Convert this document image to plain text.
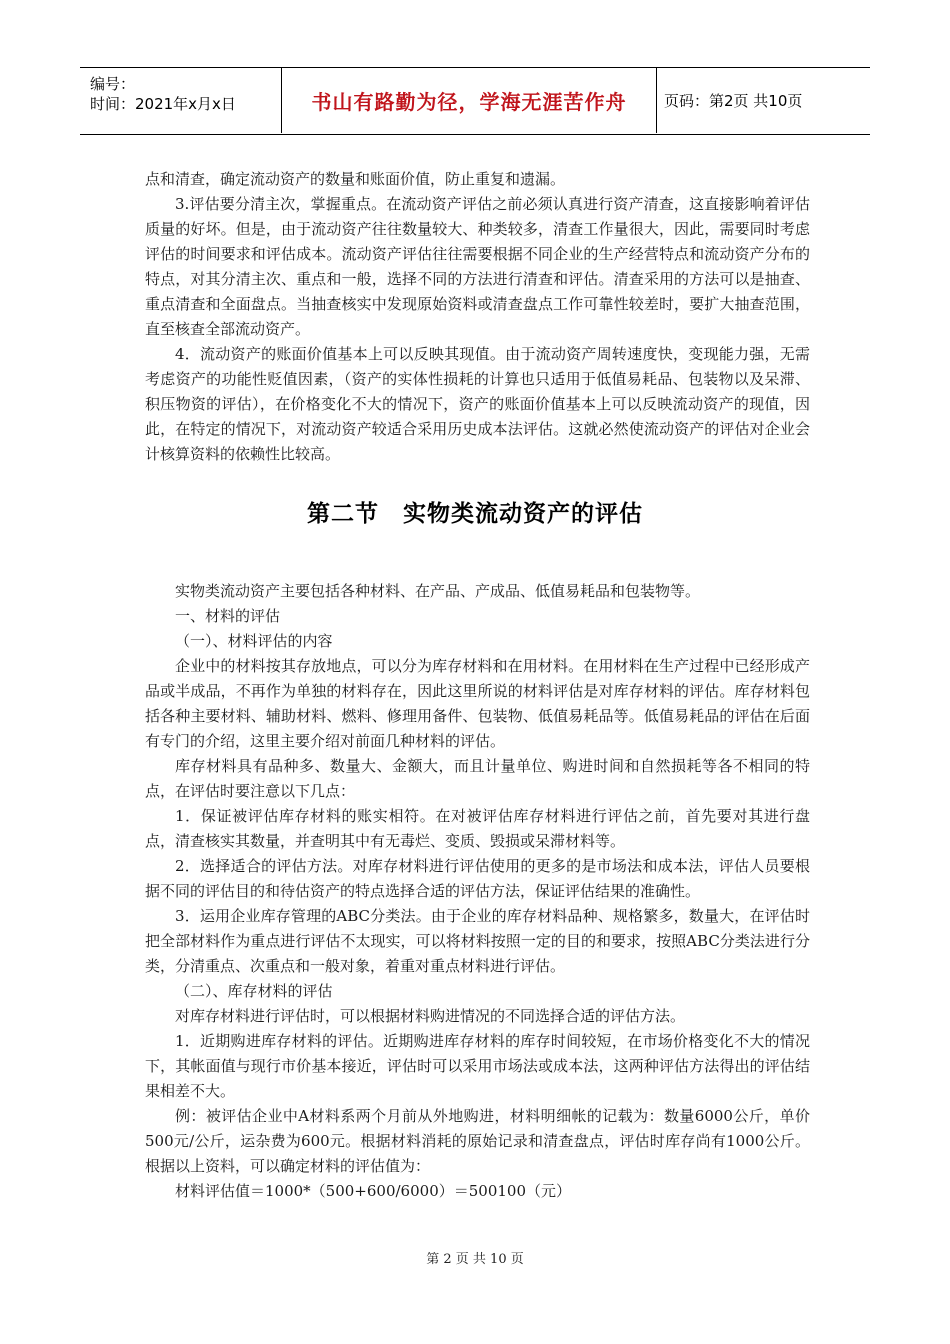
编号：
时间：2021年x月x日	书山有路勤为径，学海无涯苦作舟	页码：第2页 共10页

点和清查，确定流动资产的数量和账面价值，防止重复和遗漏。

3.评估要分清主次，掌握重点。在流动资产评估之前必须认真进行资产清查，这直接影响着评估质量的好坏。但是，由于流动资产往往数量较大、种类较多，清查工作量很大，因此，需要同时考虑评估的时间要求和评估成本。流动资产评估往往需要根据不同企业的生产经营特点和流动资产分布的特点，对其分清主次、重点和一般，选择不同的方法进行清查和评估。清查采用的方法可以是抽查、重点清查和全面盘点。当抽查核实中发现原始资料或清查盘点工作可靠性较差时，要扩大抽查范围，直至核查全部流动资产。

4．流动资产的账面价值基本上可以反映其现值。由于流动资产周转速度快，变现能力强，无需考虑资产的功能性贬值因素，（资产的实体性损耗的计算也只适用于低值易耗品、包装物以及呆滞、积压物资的评估），在价格变化不大的情况下，资产的账面价值基本上可以反映流动资产的现值，因此，在特定的情况下，对流动资产较适合采用历史成本法评估。这就必然使流动资产的评估对企业会计核算资料的依赖性比较高。

第二节　实物类流动资产的评估

实物类流动资产主要包括各种材料、在产品、产成品、低值易耗品和包装物等。

一、材料的评估

（一）、材料评估的内容

企业中的材料按其存放地点，可以分为库存材料和在用材料。在用材料在生产过程中已经形成产品或半成品，不再作为单独的材料存在，因此这里所说的材料评估是对库存材料的评估。库存材料包括各种主要材料、辅助材料、燃料、修理用备件、包装物、低值易耗品等。低值易耗品的评估在后面有专门的介绍，这里主要介绍对前面几种材料的评估。

库存材料具有品种多、数量大、金额大，而且计量单位、购进时间和自然损耗等各不相同的特点，在评估时要注意以下几点：

1．保证被评估库存材料的账实相符。在对被评估库存材料进行评估之前，首先要对其进行盘点，清查核实其数量，并查明其中有无毒烂、变质、毁损或呆滞材料等。

2．选择适合的评估方法。对库存材料进行评估使用的更多的是市场法和成本法，评估人员要根据不同的评估目的和待估资产的特点选择合适的评估方法，保证评估结果的准确性。

3．运用企业库存管理的ABC分类法。由于企业的库存材料品种、规格繁多，数量大，在评估时把全部材料作为重点进行评估不太现实，可以将材料按照一定的目的和要求，按照ABC分类法进行分类，分清重点、次重点和一般对象，着重对重点材料进行评估。

（二）、库存材料的评估

对库存材料进行评估时，可以根据材料购进情况的不同选择合适的评估方法。

1．近期购进库存材料的评估。近期购进库存材料的库存时间较短，在市场价格变化不大的情况下，其帐面值与现行市价基本接近，评估时可以采用市场法或成本法，这两种评估方法得出的评估结果相差不大。

例：被评估企业中A材料系两个月前从外地购进，材料明细帐的记载为：数量6000公斤，单价500元/公斤，运杂费为600元。根据材料消耗的原始记录和清查盘点，评估时库存尚有1000公斤。根据以上资料，可以确定材料的评估值为：

材料评估值＝1000*（500+600/6000）＝500100（元）

第 2 页 共 10 页
